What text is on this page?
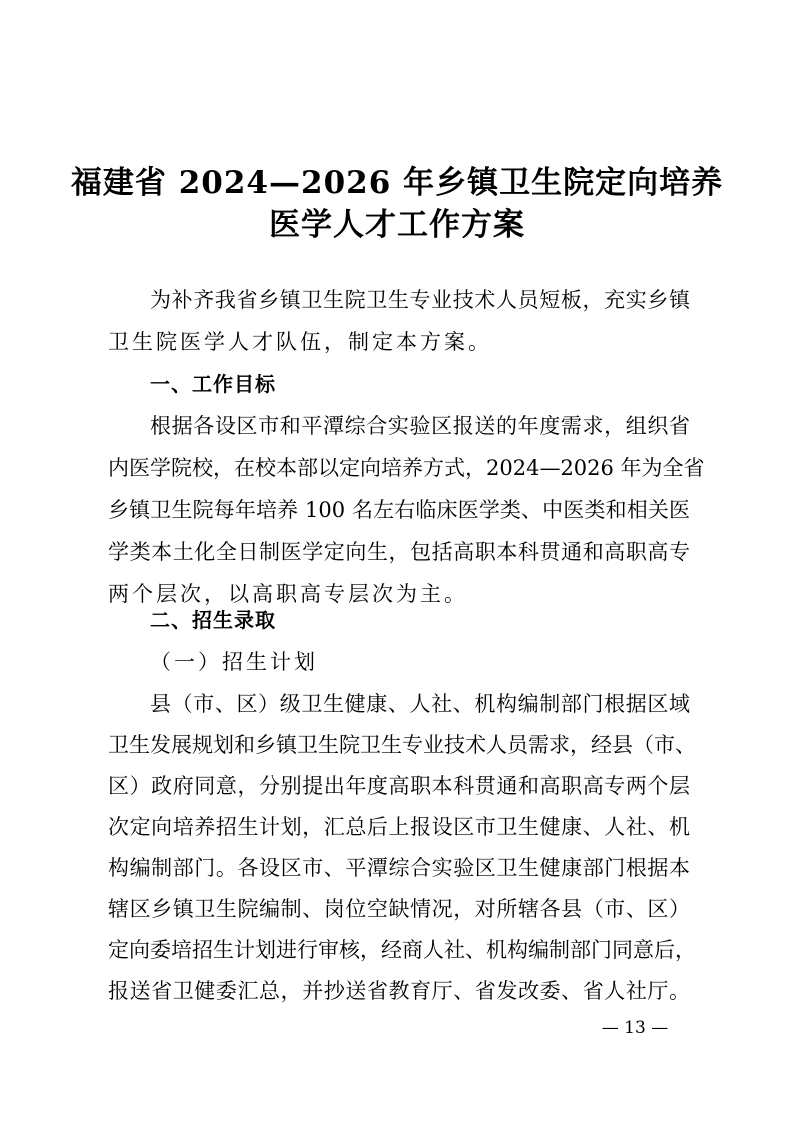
福建省 2024—2026 年乡镇卫生院定向培养
医学人才工作方案
为补齐我省乡镇卫生院卫生专业技术人员短板，充实乡镇
卫生院医学人才队伍，制定本方案。
一、工作目标
根据各设区市和平潭综合实验区报送的年度需求，组织省
内医学院校，在校本部以定向培养方式，2024—2026 年为全省
乡镇卫生院每年培养 100 名左右临床医学类、中医类和相关医
学类本土化全日制医学定向生，包括高职本科贯通和高职高专
两个层次，以高职高专层次为主。
二、招生录取
（一）招生计划
县（市、区）级卫生健康、人社、机构编制部门根据区域
卫生发展规划和乡镇卫生院卫生专业技术人员需求，经县（市、
区）政府同意，分别提出年度高职本科贯通和高职高专两个层
次定向培养招生计划，汇总后上报设区市卫生健康、人社、机
构编制部门。各设区市、平潭综合实验区卫生健康部门根据本
辖区乡镇卫生院编制、岗位空缺情况，对所辖各县（市、区）
定向委培招生计划进行审核，经商人社、机构编制部门同意后，
— 13 —
报送省卫健委汇总，并抄送省教育厅、省发改委、省人社厅。
